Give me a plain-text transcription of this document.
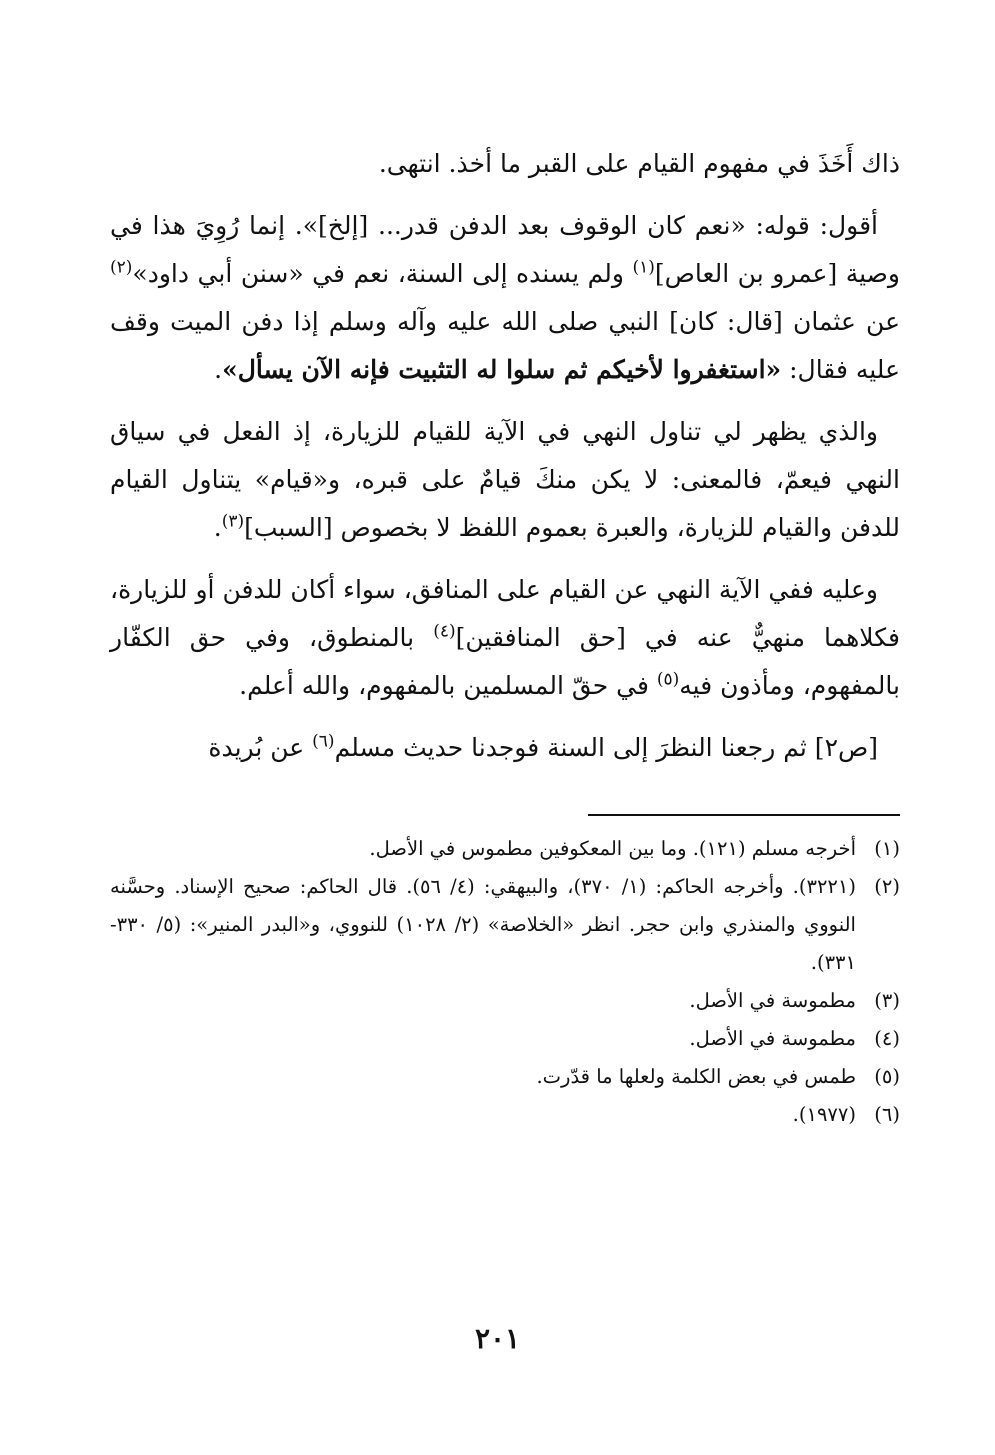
ذاك أَخَذَ في مفهوم القيام على القبر ما أخذ. انتهى.

أقول: قوله: «نعم كان الوقوف بعد الدفن قدر... [إلخ]». إنما رُوِيَ هذا في وصية [عمرو بن العاص]$^{(١)}$ ولم يسنده إلى السنة، نعم في «سنن أبي داود»$^{(٢)}$ عن عثمان [قال: كان] النبي صلى الله عليه وآله وسلم إذا دفن الميت وقف عليه فقال: «استغفروا لأخيكم ثم سلوا له التثبيت فإنه الآن يسأل».

والذي يظهر لي تناول النهي في الآية للقيام للزيارة، إذ الفعل في سياق النهي فيعمّ، فالمعنى: لا يكن منكَ قيامٌ على قبره، و«قيام» يتناول القيام للدفن والقيام للزيارة، والعبرة بعموم اللفظ لا بخصوص [السبب]$^{(٣)}$.

وعليه ففي الآية النهي عن القيام على المنافق، سواء أكان للدفن أو للزيارة، فكلاهما منهيٌّ عنه في [حق المنافقين]$^{(٤)}$ بالمنطوق، وفي حق الكفّار بالمفهوم، ومأذون فيه$^{(٥)}$ في حقّ المسلمين بالمفهوم، والله أعلم.

[ص٢] ثم رجعنا النظرَ إلى السنة فوجدنا حديث مسلم$^{(٦)}$ عن بُريدة

(١)
أخرجه مسلم (١٢١). وما بين المعكوفين مطموس في الأصل.
(٢)
(٣٢٢١). وأخرجه الحاكم: (١/ ٣٧٠)، والبيهقي: (٤/ ٥٦). قال الحاكم: صحيح الإسناد. وحسَّنه النووي والمنذري وابن حجر. انظر «الخلاصة» (٢/ ١٠٢٨) للنووي، و«البدر المنير»: (٥/ ٣٣٠- ٣٣١).
(٣)
مطموسة في الأصل.
(٤)
مطموسة في الأصل.
(٥)
طمس في بعض الكلمة ولعلها ما قدّرت.
(٦)
(١٩٧٧).
٢٠١
